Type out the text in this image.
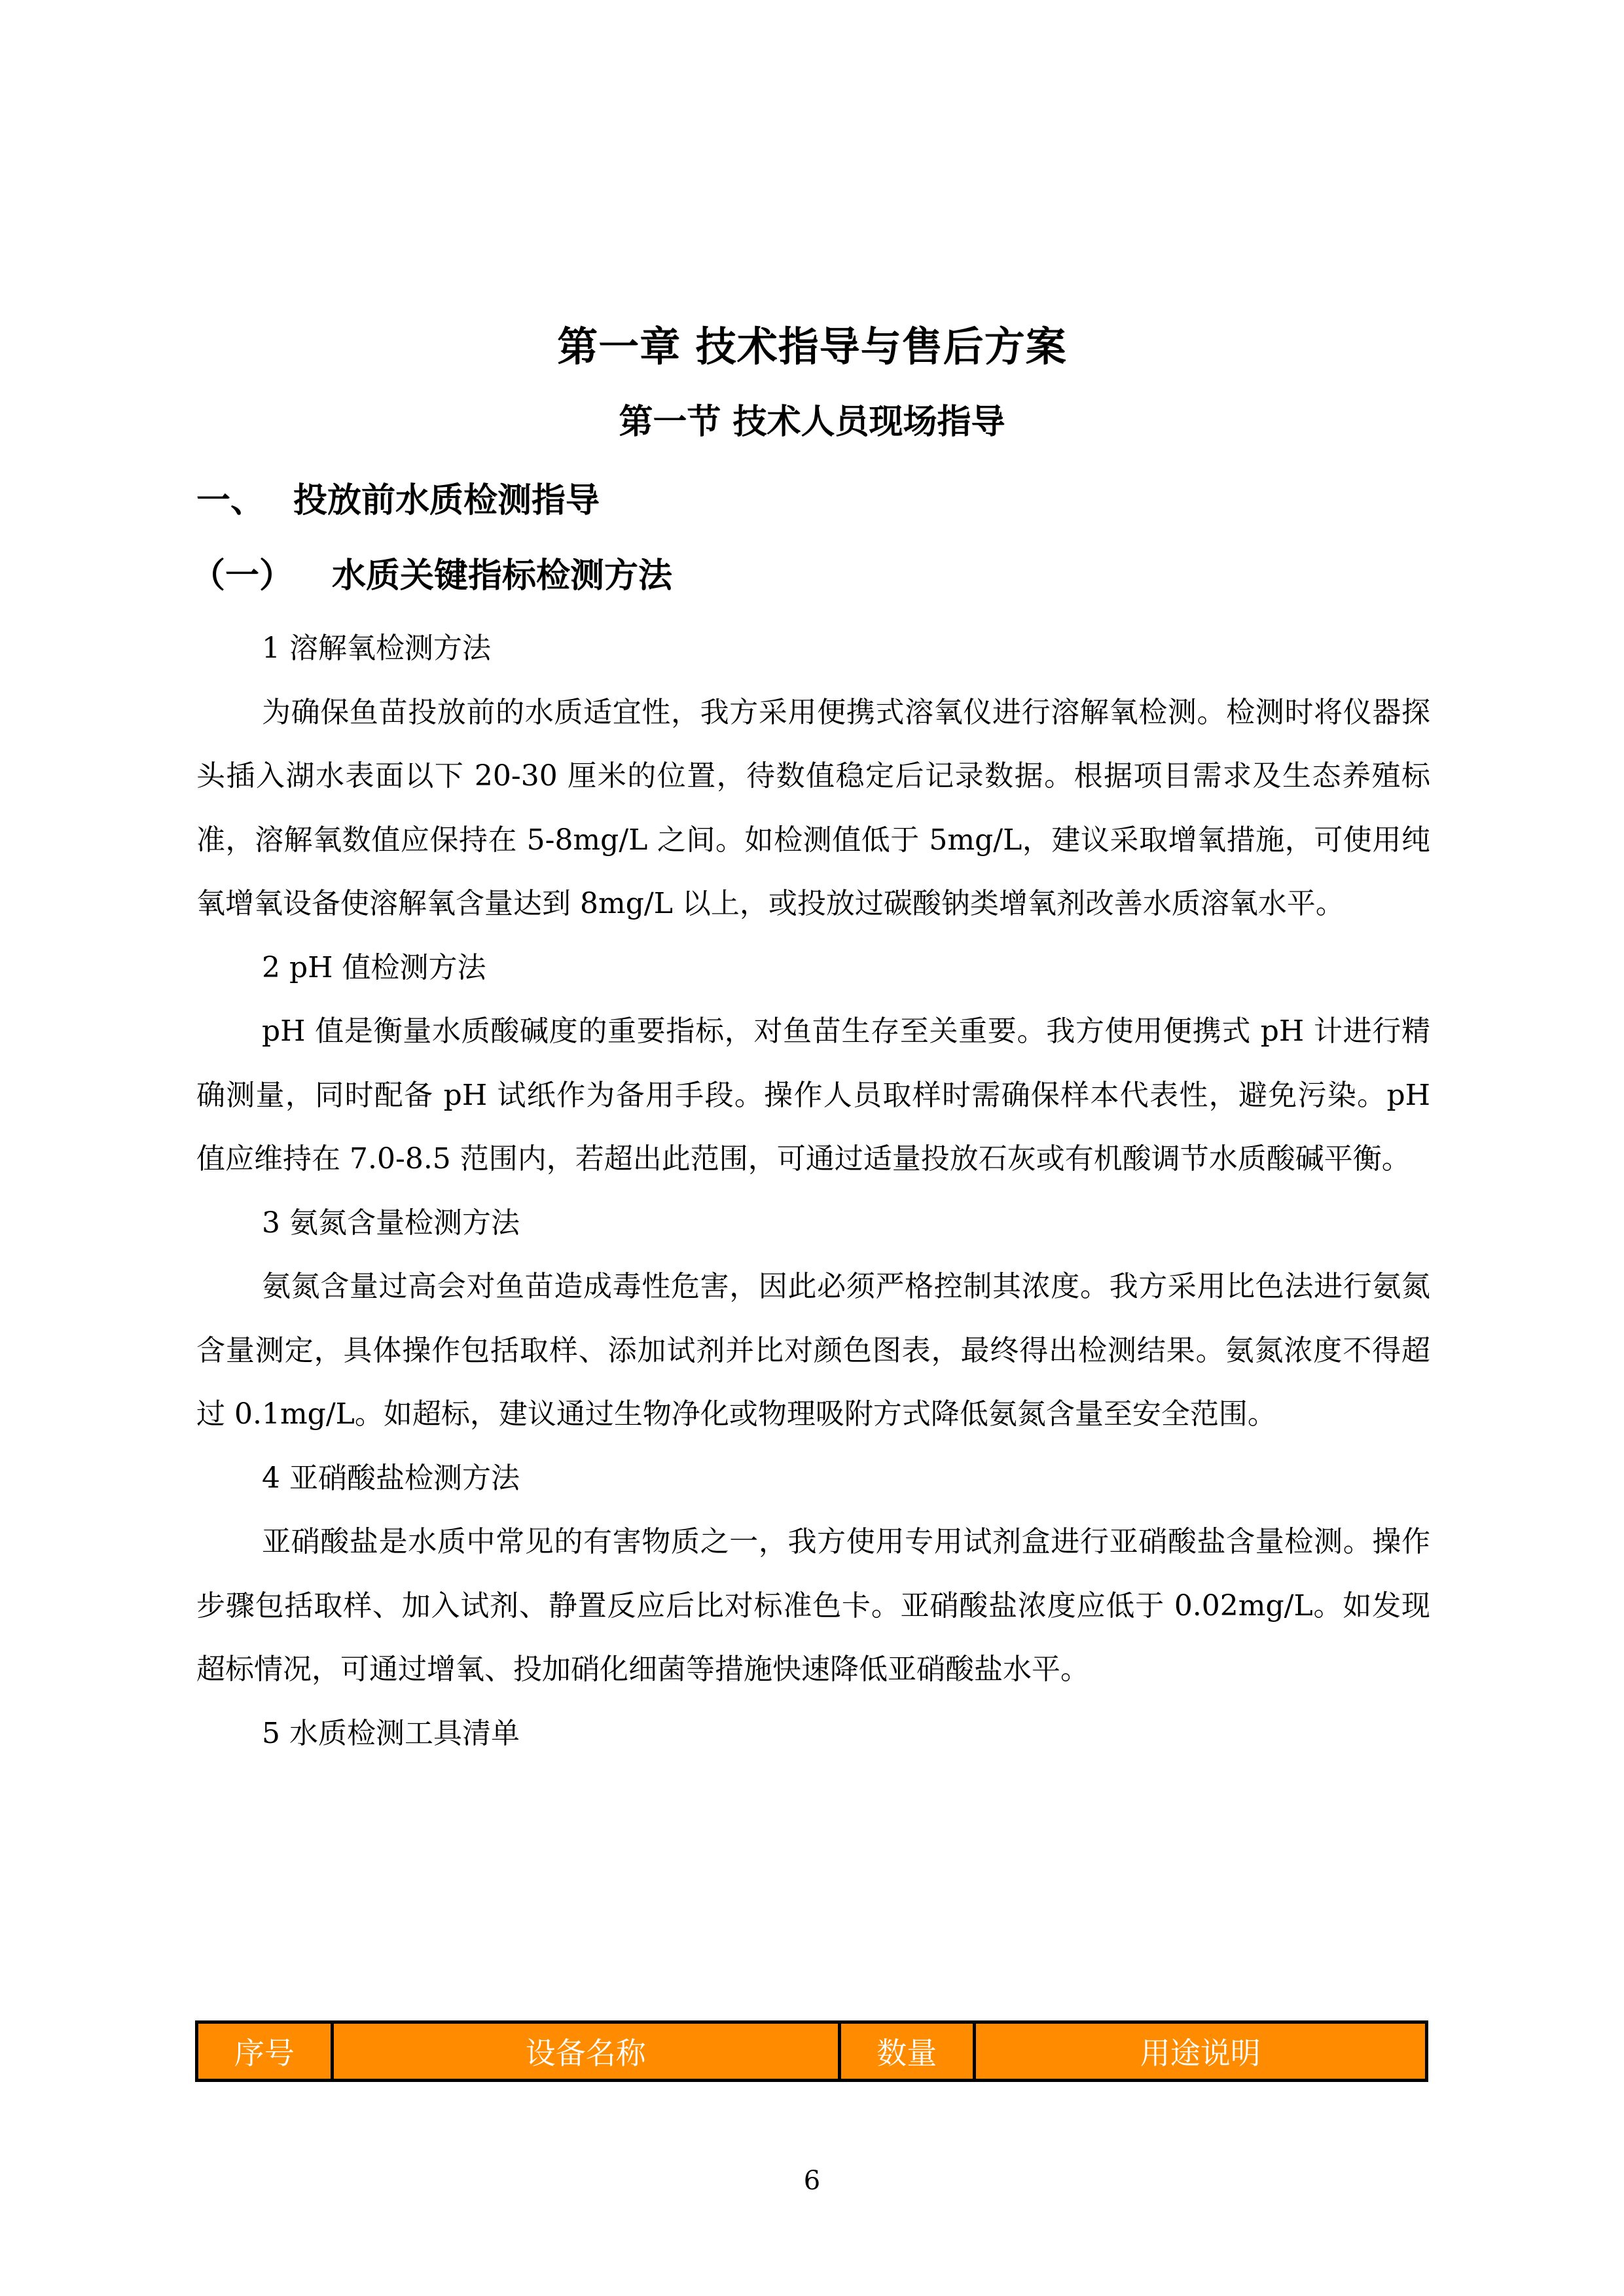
第一章 技术指导与售后方案
第一节 技术人员现场指导
一、 投放前水质检测指导
（一） 水质关键指标检测方法

1 溶解氧检测方法

为确保鱼苗投放前的水质适宜性，我方采用便携式溶氧仪进行溶解氧检测。检测时将仪器探头插入湖水表面以下 20-30 厘米的位置，待数值稳定后记录数据。根据项目需求及生态养殖标准，溶解氧数值应保持在 5-8mg/L 之间。如检测值低于 5mg/L，建议采取增氧措施，可使用纯氧增氧设备使溶解氧含量达到 8mg/L 以上，或投放过碳酸钠类增氧剂改善水质溶氧水平。

2 pH 值检测方法

pH 值是衡量水质酸碱度的重要指标，对鱼苗生存至关重要。我方使用便携式 pH 计进行精确测量，同时配备 pH 试纸作为备用手段。操作人员取样时需确保样本代表性，避免污染。pH 值应维持在 7.0-8.5 范围内，若超出此范围，可通过适量投放石灰或有机酸调节水质酸碱平衡。

3 氨氮含量检测方法

氨氮含量过高会对鱼苗造成毒性危害，因此必须严格控制其浓度。我方采用比色法进行氨氮含量测定，具体操作包括取样、添加试剂并比对颜色图表，最终得出检测结果。氨氮浓度不得超过 0.1mg/L。如超标，建议通过生物净化或物理吸附方式降低氨氮含量至安全范围。

4 亚硝酸盐检测方法

亚硝酸盐是水质中常见的有害物质之一，我方使用专用试剂盒进行亚硝酸盐含量检测。操作步骤包括取样、加入试剂、静置反应后比对标准色卡。亚硝酸盐浓度应低于 0.02mg/L。如发现超标情况，可通过增氧、投加硝化细菌等措施快速降低亚硝酸盐水平。

5 水质检测工具清单

序号	设备名称	数量	用途说明
6
